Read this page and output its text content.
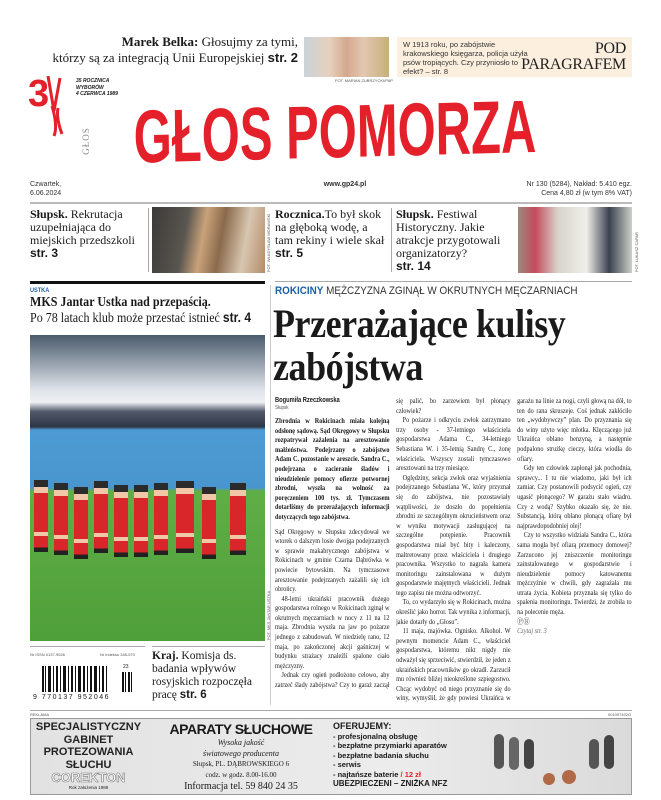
Marek Belka: Głosujmy za tymi,
którzy są za integracją Unii Europejskiej str. 2
FOT. MARIAN ZUBRZYCKI/PAP
W 1913 roku, po zabójstwie krakowskiego księgarza, policja użyła psów tropiących. Czy przyniosło to efekt? – str. 8
POD
PARAGRAFEM
3	35 ROCZNICA
WYBORÓW
4 CZERWCA 1989
GŁOS GŁOS POMORZA
Czwartek,
6.06.2024
www.gp24.pl	Nr 130 (5284), Nakład: 5.410 egz.
Cena 4,80 zł (w tym 8% VAT)
Słupsk. Rekrutacja uzupełniająca do miejskich przedszkoli
str. 3	FOT. WŁADYSŁAW MORAWSKI Rocznica.To był skok na głęboką wodę, a tam rekiny i wiele skał
str. 5
Słupsk. Festiwal Historyczny. Jakie atrakcje przygotowali organizatorzy?
str. 14	FOT. ŁUKASZ CAPAR
USTKA
MKS Jantar Ustka nad przepaścią.
Po 78 latach klub może przestać istnieć str. 4
FOT. MKS JANTAR USTKA
Nr ISSN 0137-9526	Nr indeksu 348-570
9 770137 952046
23
Kraj. Komisja ds. badania wpływów rosyjskich rozpoczęła pracę str. 6
ROKICINY MĘŻCZYZNA ZGINĄŁ W OKRUTNYCH MĘCZARNIACH
Przerażające kulisy zabójstwa
Bogumiła Rzeczkowska
Słupsk

Zbrodnia w Rokicinach miała kolejną odsłonę sądową. Sąd Okręgowy w Słupsku rozpatrywał zażalenia na aresztowanie małżeństwa. Podejrzany o zabójstwo Adam C. pozostanie w areszcie. Sandra C., podejrzana o zacieranie śladów i nieudzielenie pomocy ofierze potwornej zbrodni, wyszła na wolność za poręczeniem 100 tys. zł. Tymczasem dotarliśmy do przerażających informacji dotyczących tego zabójstwa.

Sąd Okręgowy w Słupsku zdecydował we wtorek o dalszym losie dwojga podejrzanych w sprawie makabrycznego zabójstwa w Rokicinach w gminie Czarna Dąbrówka w powiecie bytowskim. Na tymczasowe aresztowanie podejrzanych zażalili się ich obrońcy.

48-letni ukraiński pracownik dużego gospodarstwa rolnego w Rokicinach zginął w okrutnych męczarniach w nocy z 11 na 12 maja. Zbrodnia wyszła na jaw po pożarze jednego z zabudowań. W niedzielę rano, 12 maja, po zakończonej akcji gaśniczej w budynku strażacy znaleźli spalone ciało mężczyzny.

Jednak czy ogień podłożono celowo, aby zatrzeć ślady zabójstwa? Czy to garaż zaczął się palić, bo zarzewiem był płonący człowiek?

Po pożarze i odkryciu zwłok zatrzymano trzy osoby - 37-letniego właściciela gospodarstwa Adama C., 34-letniego Sebastiana W. i 35-letnią Sandrę C., żonę właściciela. Wszyscy zostali tymczasowo aresztowani na trzy miesiące.

Oględziny, sekcja zwłok oraz wyjaśnienia podejrzanego Sebastiana W., który przyznał się do zabójstwa, nie pozostawiały wątpliwości, że doszło do popełnienia zbrodni ze szczególnym okrucieństwem oraz w wyniku motywacji zasługującej na szczególne potępienie. Pracownik gospodarstwa miał być bity i kaleczony, maltretowany przez właściciela i drugiego pracownika. Wszystko to nagrała kamera monitoringu zainstalowana w dużym gospodarstwie majętnych właścicieli. Jednak tego zapisu nie można odtworzyć.

To, co wydarzyło się w Rokicinach, można określić jako horror. Tak wynika z informacji, jakie dotarły do „Głosu”.

11 maja, majówka. Ognisko. Alkohol. W pewnym momencie Adam C., właściciel gospodarstwa, któremu nikt nigdy nie odważył się sprzeciwić, stwierdził, że jeden z ukraińskich pracowników go okradł. Zarzucił mu również bliżej nieokreślone szpiegostwo. Chcąc wydobyć od niego przyznanie się do winy, wymyślił, że gdy powiesi Ukraińca w garażu na linie za nogi, czyli głową na dół, to ten do rana skruszeje. Coś jednak zakłóciło ten „wydobywczy” plan. Do przyznania się do winy użyto więc młotka. Klęczącego już Ukraińca oblano benzyną, a następnie podpalono strużkę cieczy, która wiodła do ofiary.

Gdy ten człowiek zapłonął jak pochodnia, sprawcy... I tu nie wiadomo, jaki był ich zamiar. Czy postanowili podsycić ogień, czy ugasić płonącego? W garażu stało wiadro. Czy z wodą? Szybko okazało się, że nie. Substancją, którą oblano płonącą ofiarę był najprawdopodobniej olej!

Czy to wszystko widziała Sandra C., która sama mogła być ofiarą przemocy domowej? Zarzucono jej zniszczenie monitoringu zainstalowanego w gospodarstwie i nieudzielenie pomocy katowanemu mężczyźnie w chwili, gdy zagrażała mu utrata życia. Kobieta przyznała się tylko do spalenia monitoringu. Twierdzi, że zrobiła to na polecenie męża.

ⓅⒷ

Czytaj str. 3

REKLAMA	001097402G
SPECJALISTYCZNY
GABINET
PROTEZOWANIA
SŁUCHU
COREKTON
Rok założenia 1989
APARATY SŁUCHOWE
Wysoka jakość
światowego producenta
Słupsk, PL. DĄBROWSKIEGO 6
codz. w godz. 8.00-16.00
Informacja tel. 59 840 24 35
OFERUJEMY:
- profesjonalną obsługę
- bezpłatne przymiarki aparatów
- bezpłatne badania słuchu
- serwis
- najtańsze baterie / 12 zł
UBEZPIECZENI – ZNIŻKA NFZ
